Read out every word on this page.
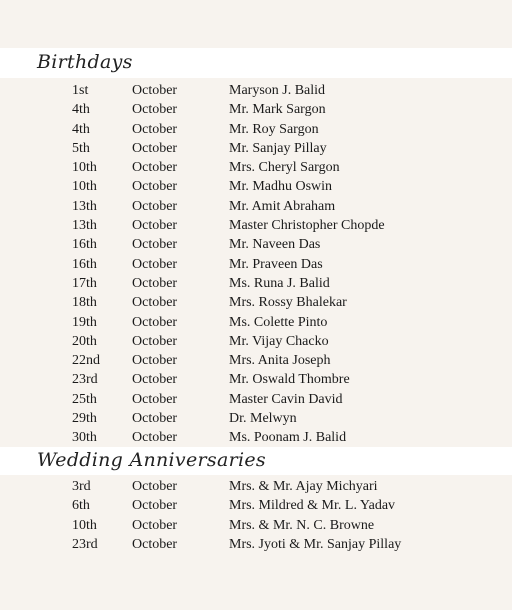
Birthdays
1st	October	Maryson J. Balid
4th	October	Mr. Mark Sargon
4th	October	Mr. Roy Sargon
5th	October	Mr. Sanjay Pillay
10th	October	Mrs. Cheryl Sargon
10th	October	Mr. Madhu Oswin
13th	October	Mr. Amit Abraham
13th	October	Master Christopher Chopde
16th	October	Mr. Naveen Das
16th	October	Mr. Praveen Das
17th	October	Ms. Runa J. Balid
18th	October	Mrs. Rossy Bhalekar
19th	October	Ms. Colette Pinto
20th	October	Mr. Vijay Chacko
22nd October	Mrs. Anita Joseph
23rd October	Mr. Oswald Thombre
25th	October	Master Cavin David
29th	October	Dr. Melwyn
30th	October	Ms. Poonam J. Balid
Wedding Anniversaries
3rd	October	Mrs. & Mr. Ajay Michyari
6th	October	Mrs. Mildred & Mr. L. Yadav
10th	October	Mrs. & Mr. N. C. Browne
23rd October	Mrs. Jyoti & Mr. Sanjay Pillay
